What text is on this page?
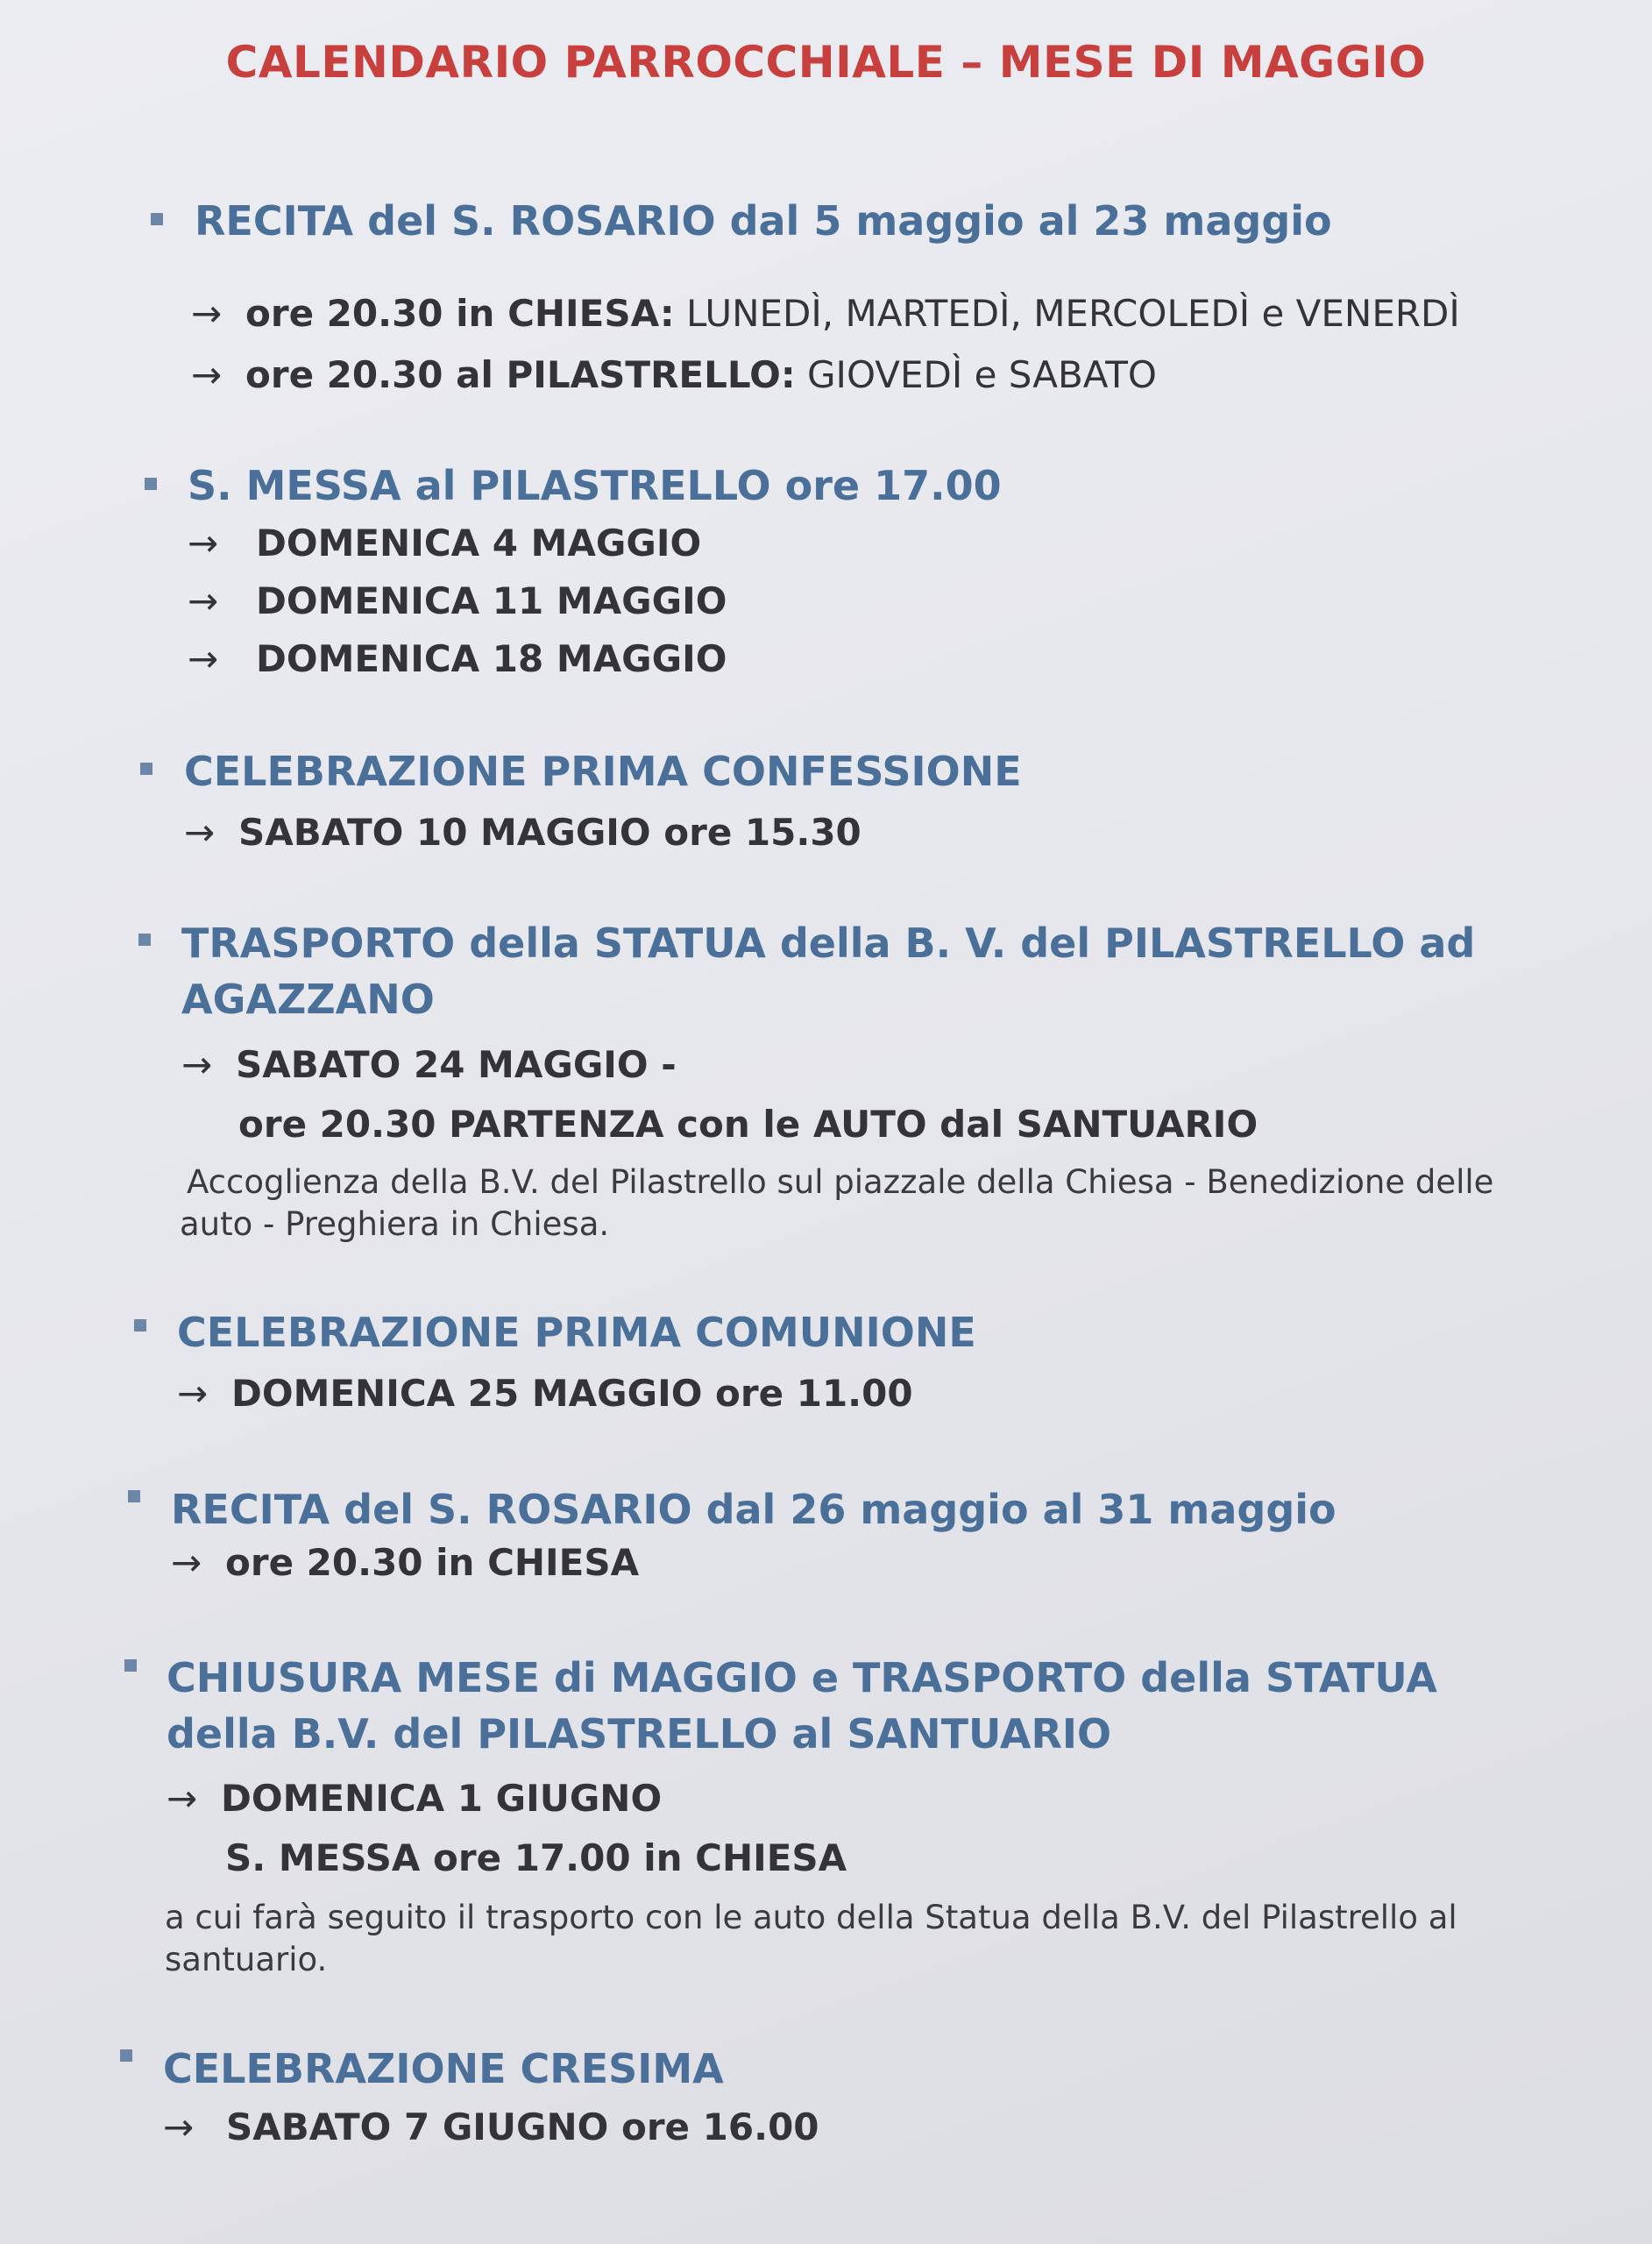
CALENDARIO PARROCCHIALE – MESE DI MAGGIO
RECITA del S. ROSARIO dal 5 maggio al 23 maggio
→ ore 20.30 in CHIESA: LUNEDÌ, MARTEDÌ, MERCOLEDÌ e VENERDÌ
→ ore 20.30 al PILASTRELLO: GIOVEDÌ e SABATO
S. MESSA al PILASTRELLO ore 17.00
→ DOMENICA 4 MAGGIO
→ DOMENICA 11 MAGGIO
→ DOMENICA 18 MAGGIO
CELEBRAZIONE PRIMA CONFESSIONE
→ SABATO 10 MAGGIO ore 15.30
TRASPORTO della STATUA della B. V. del PILASTRELLO ad
AGAZZANO
→ SABATO 24 MAGGIO -
ore 20.30 PARTENZA con le AUTO dal SANTUARIO
Accoglienza della B.V. del Pilastrello sul piazzale della Chiesa - Benedizione delle
auto - Preghiera in Chiesa.
CELEBRAZIONE PRIMA COMUNIONE
→ DOMENICA 25 MAGGIO ore 11.00
RECITA del S. ROSARIO dal 26 maggio al 31 maggio
→ ore 20.30 in CHIESA
CHIUSURA MESE di MAGGIO e TRASPORTO della STATUA
della B.V. del PILASTRELLO al SANTUARIO
→ DOMENICA 1 GIUGNO
S. MESSA ore 17.00 in CHIESA
a cui farà seguito il trasporto con le auto della Statua della B.V. del Pilastrello al
santuario.
CELEBRAZIONE CRESIMA
→ SABATO 7 GIUGNO ore 16.00
